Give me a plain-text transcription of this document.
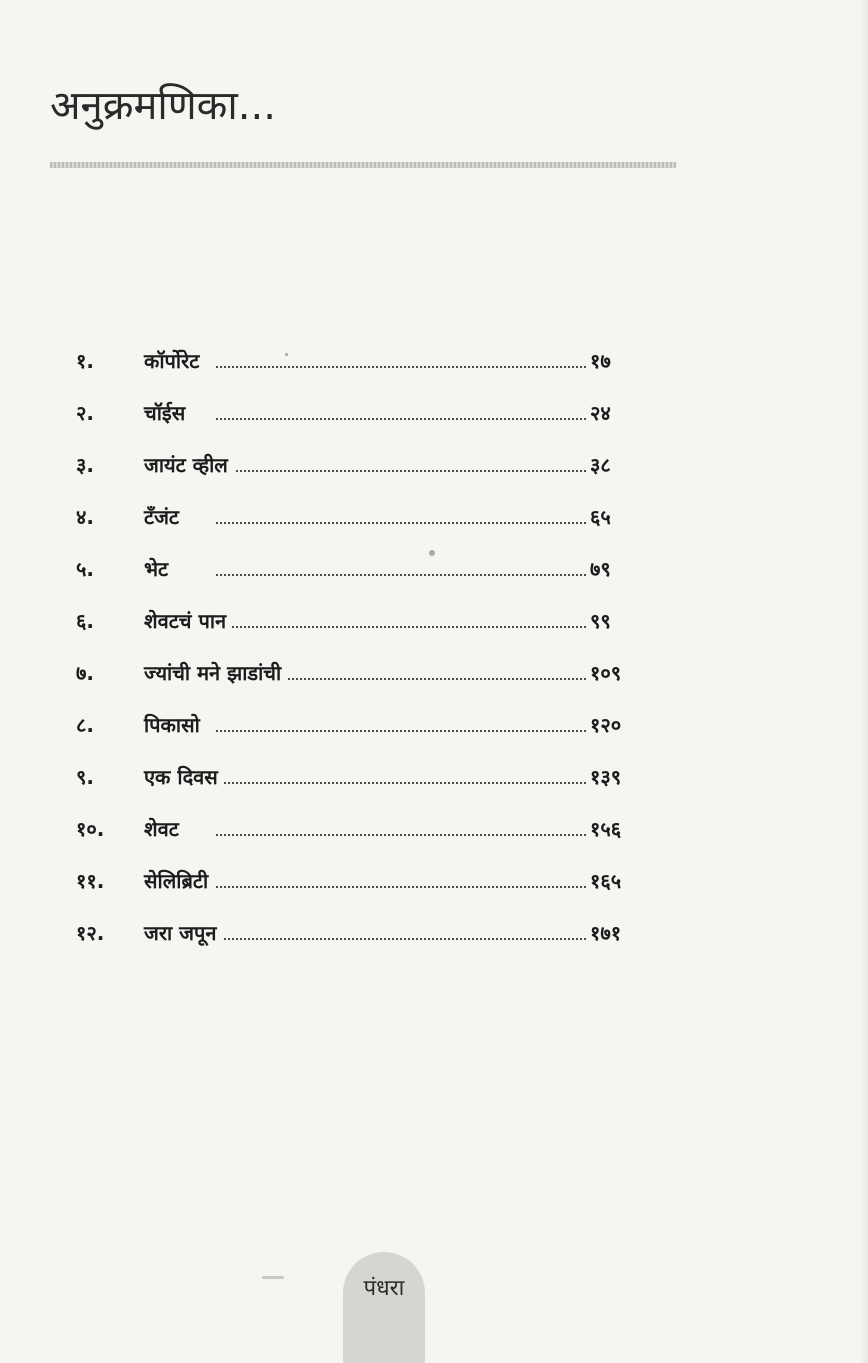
अनुक्रमणिका...
१.	कॉर्पोरेट	१७
२.	चॉईस	२४
३.	जायंट व्हील	३८
४.	टँजंट	६५
५.	भेट	७९
६.	शेवटचं पान	९९
७.	ज्यांची मने झाडांची	१०९
८.	पिकासो	१२०
९.	एक दिवस	१३९
१०.	शेवट	१५६
११.	सेलिब्रिटी	१६५
१२.	जरा जपून	१७१
पंधरा
